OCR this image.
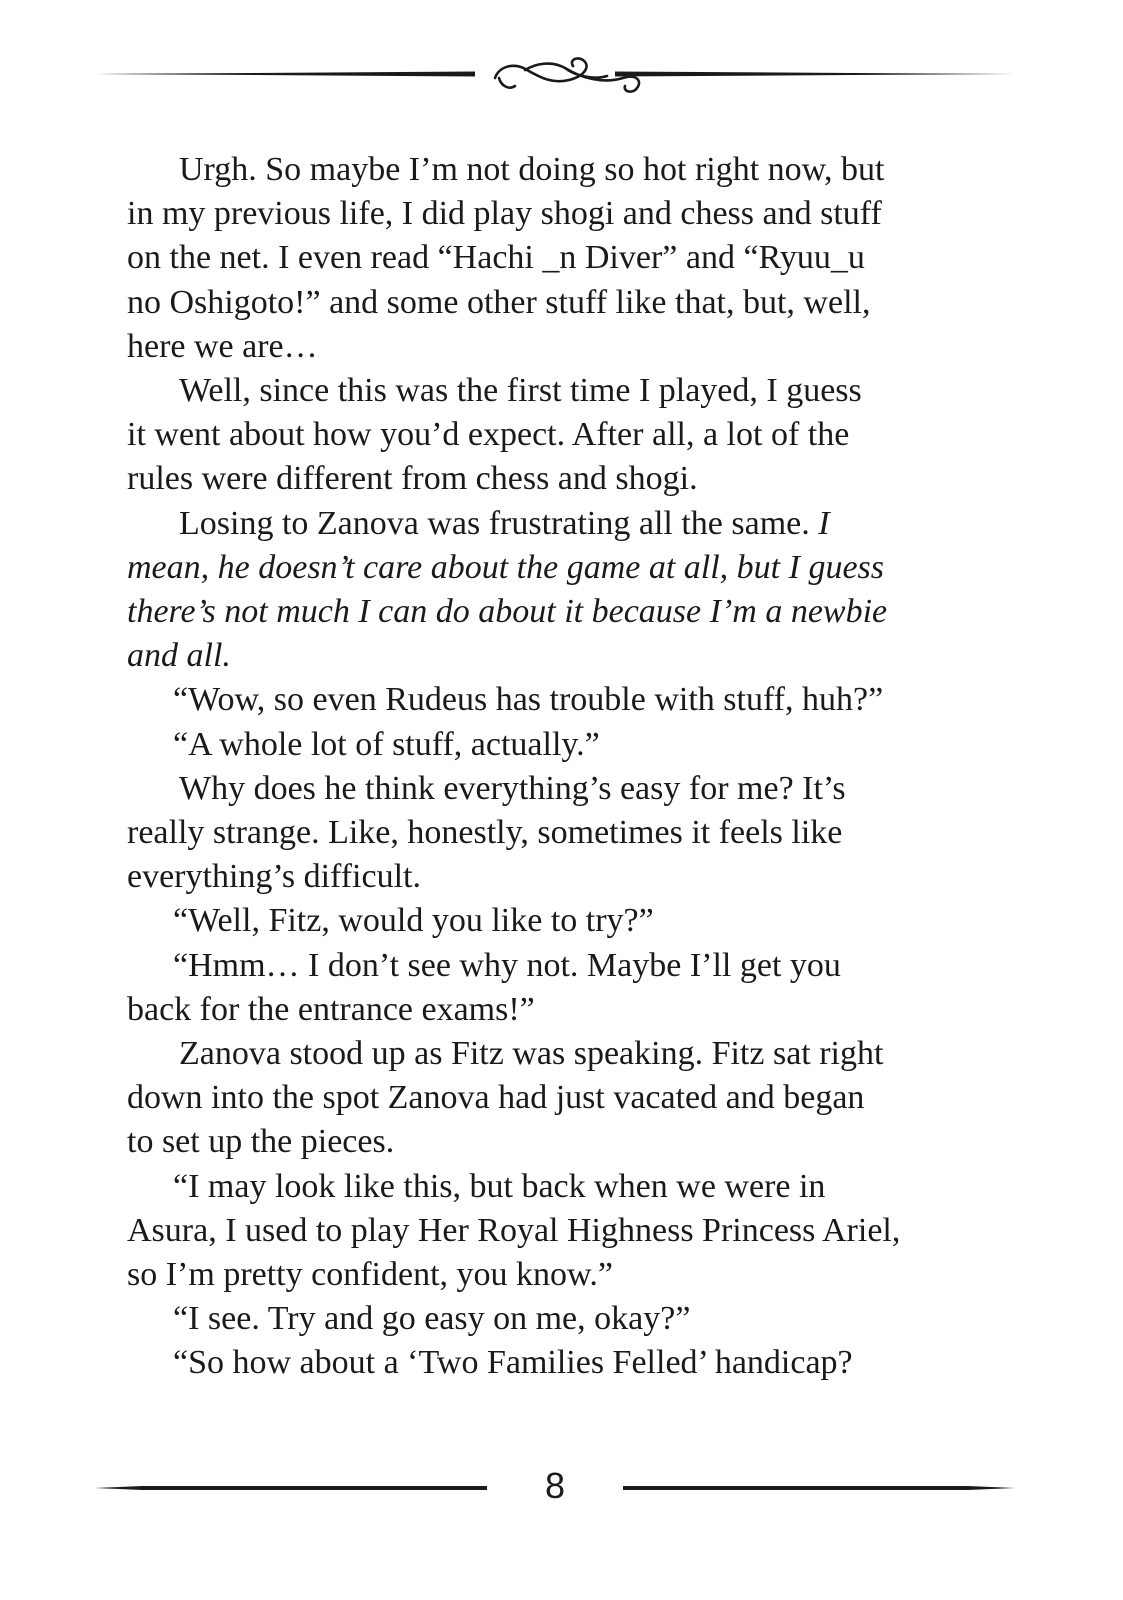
Urgh. So maybe I’m not doing so hot right now, but
in my previous life, I did play shogi and chess and stuff
on the net. I even read “Hachi _n Diver” and “Ryuu_u
no Oshigoto!” and some other stuff like that, but, well,
here we are…

Well, since this was the first time I played, I guess
it went about how you’d expect. After all, a lot of the
rules were different from chess and shogi.

Losing to Zanova was frustrating all the same. I
mean, he doesn’t care about the game at all, but I guess
there’s not much I can do about it because I’m a newbie
and all.

“Wow, so even Rudeus has trouble with stuff, huh?”

“A whole lot of stuff, actually.”

Why does he think everything’s easy for me? It’s
really strange. Like, honestly, sometimes it feels like
everything’s difficult.

“Well, Fitz, would you like to try?”

“Hmm… I don’t see why not. Maybe I’ll get you
back for the entrance exams!”

Zanova stood up as Fitz was speaking. Fitz sat right
down into the spot Zanova had just vacated and began
to set up the pieces.

“I may look like this, but back when we were in
Asura, I used to play Her Royal Highness Princess Ariel,
so I’m pretty confident, you know.”

“I see. Try and go easy on me, okay?”

“So how about a ‘Two Families Felled’ handicap?

8
